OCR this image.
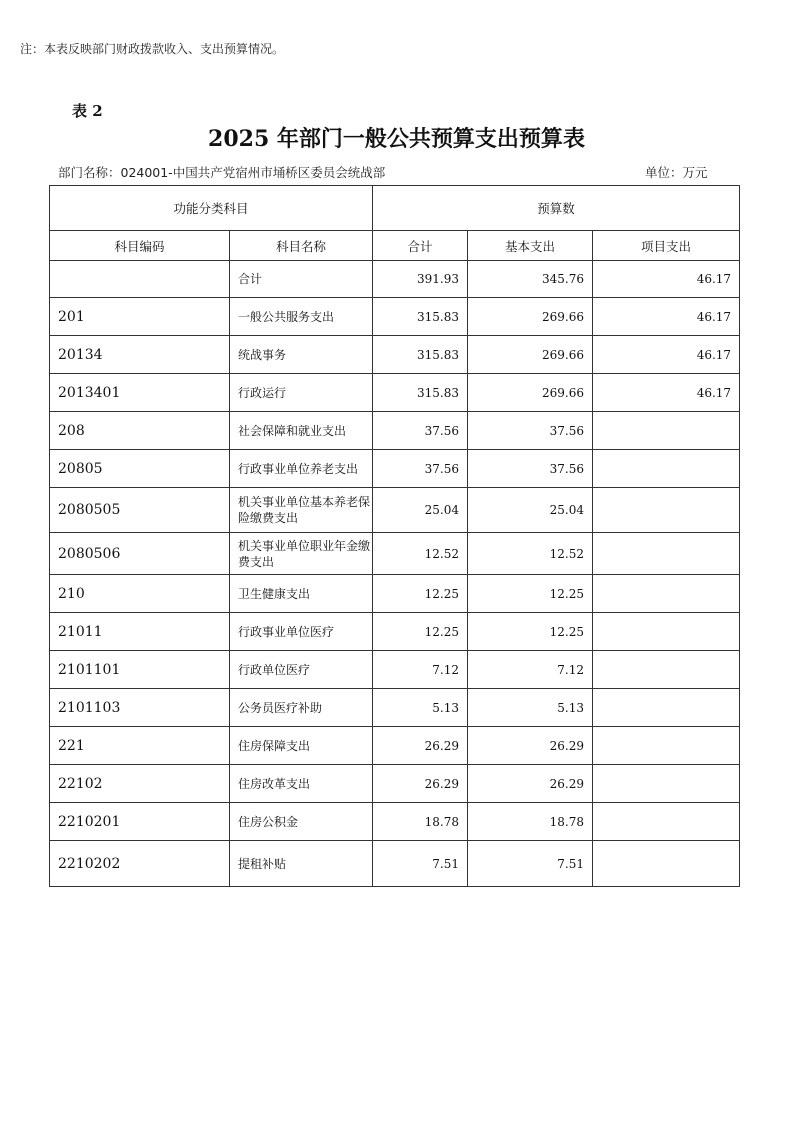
注：本表反映部门财政拨款收入、支出预算情况。
表 2
2025 年部门一般公共预算支出预算表
部门名称：024001-中国共产党宿州市埇桥区委员会统战部	单位：万元
功能分类科目		预算数		
科目编码	科目名称	合计	基本支出	项目支出
	合计	391.93	345.76	46.17
201	一般公共服务支出	315.83	269.66	46.17
20134	统战事务	315.83	269.66	46.17
2013401	行政运行	315.83	269.66	46.17
208	社会保障和就业支出	37.56	37.56	
20805	行政事业单位养老支出	37.56	37.56	
2080505	机关事业单位基本养老保险缴费支出	25.04	25.04	
2080506	机关事业单位职业年金缴费支出	12.52	12.52	
210	卫生健康支出	12.25	12.25	
21011	行政事业单位医疗	12.25	12.25	
2101101	行政单位医疗	7.12	7.12	
2101103	公务员医疗补助	5.13	5.13	
221	住房保障支出	26.29	26.29	
22102	住房改革支出	26.29	26.29	
2210201	住房公积金	18.78	18.78	
2210202	提租补贴	7.51	7.51	
